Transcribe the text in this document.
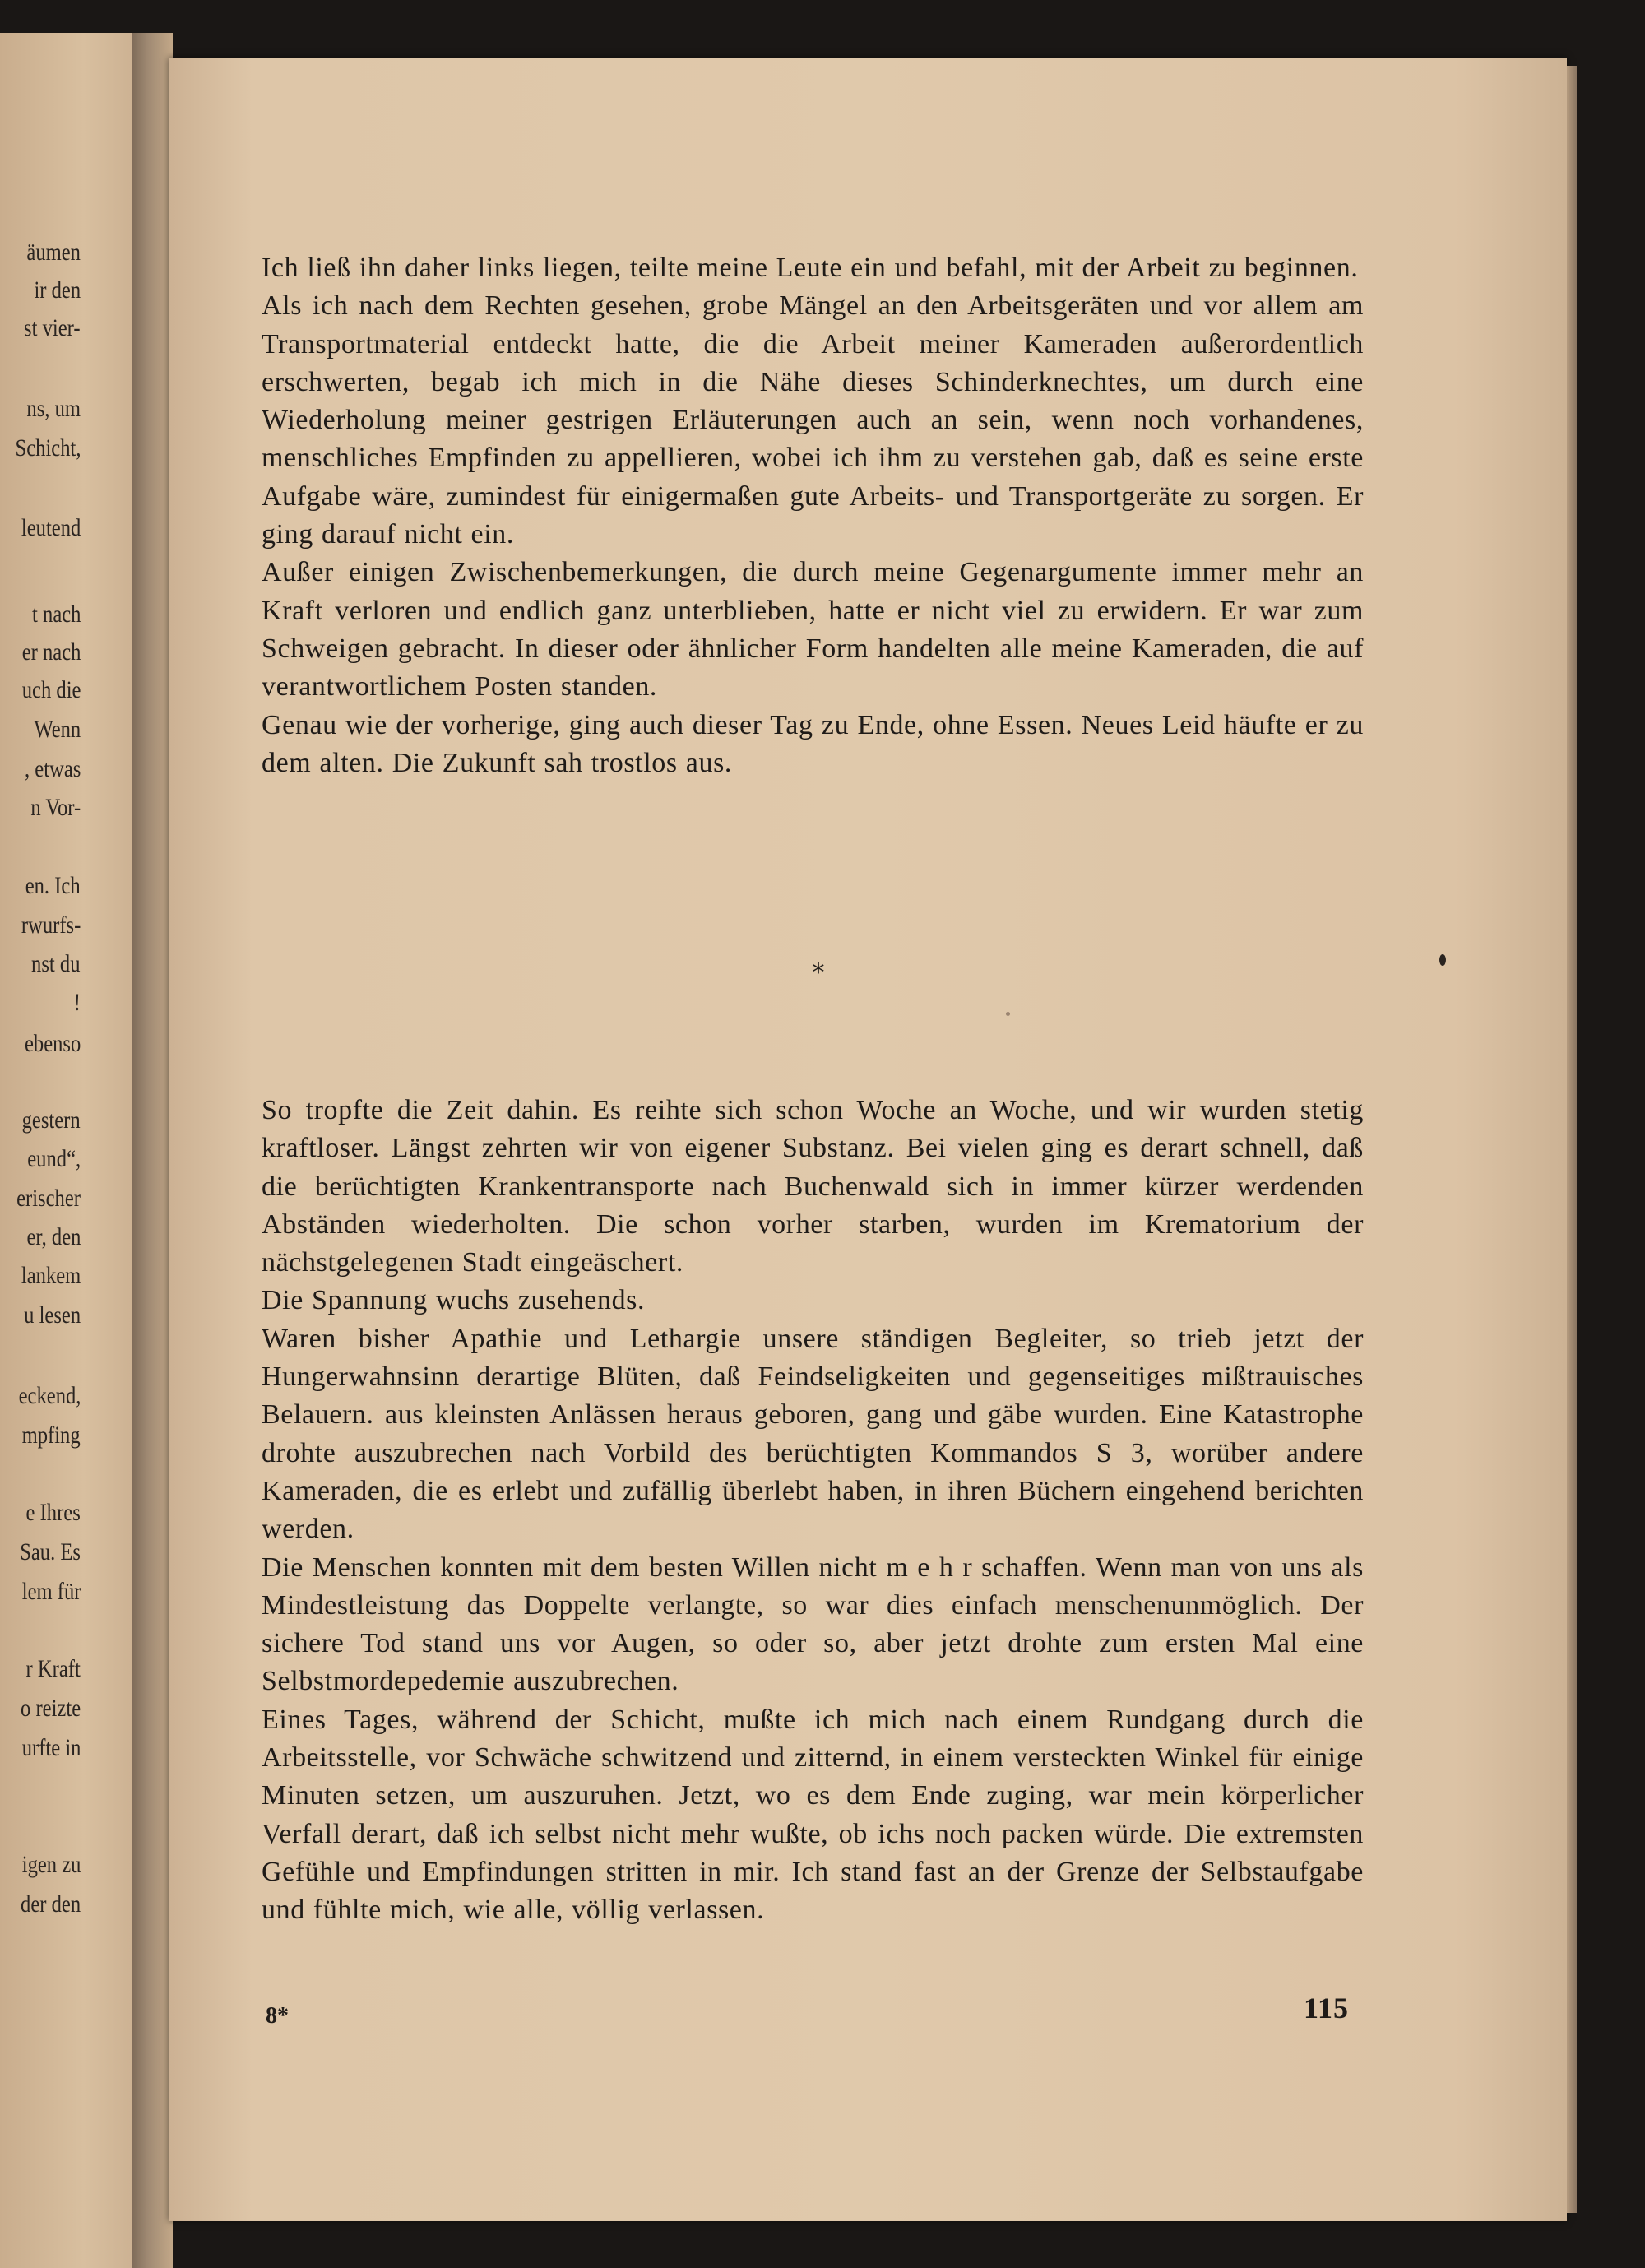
äumen
ir den
st vier-
ns, um
Schicht,
leutend
t nach
er nach
uch die
Wenn
, etwas
n Vor-
en. Ich
rwurfs-
nst du
!
ebenso
gestern
eund“,
erischer
er, den
lankem
u lesen
eckend,
mpfing
e Ihres
Sau. Es
lem für
r Kraft
o reizte
urfte in
igen zu
der den

Ich ließ ihn daher links liegen, teilte meine Leute ein und befahl, mit der Arbeit zu beginnen.

Als ich nach dem Rechten gesehen, grobe Mängel an den Arbeitsgeräten und vor allem am Transportmaterial entdeckt hatte, die die Arbeit meiner Kameraden außerordentlich erschwerten, begab ich mich in die Nähe dieses Schinderknechtes, um durch eine Wiederholung meiner gestrigen Erläuterungen auch an sein, wenn noch vorhandenes, menschliches Empfinden zu appellieren, wobei ich ihm zu verstehen gab, daß es seine erste Aufgabe wäre, zumindest für einigermaßen gute Arbeits- und Transportgeräte zu sorgen. Er ging darauf nicht ein.

Außer einigen Zwischenbemerkungen, die durch meine Gegenargumente immer mehr an Kraft verloren und endlich ganz unterblieben, hatte er nicht viel zu erwidern. Er war zum Schweigen gebracht. In dieser oder ähnlicher Form handelten alle meine Kameraden, die auf verantwortlichem Posten standen.

Genau wie der vorherige, ging auch dieser Tag zu Ende, ohne Essen. Neues Leid häufte er zu dem alten. Die Zukunft sah trostlos aus.

*

So tropfte die Zeit dahin. Es reihte sich schon Woche an Woche, und wir wurden stetig kraftloser. Längst zehrten wir von eigener Substanz. Bei vielen ging es derart schnell, daß die berüchtigten Krankentransporte nach Buchenwald sich in immer kürzer werdenden Abständen wiederholten. Die schon vorher starben, wurden im Krematorium der nächstgelegenen Stadt eingeäschert.

Die Spannung wuchs zusehends.

Waren bisher Apathie und Lethargie unsere ständigen Begleiter, so trieb jetzt der Hungerwahnsinn derartige Blüten, daß Feindseligkeiten und gegenseitiges mißtrauisches Belauern. aus kleinsten Anlässen heraus geboren, gang und gäbe wurden. Eine Katastrophe drohte auszubrechen nach Vorbild des berüchtigten Kommandos S 3, worüber andere Kameraden, die es erlebt und zufällig überlebt haben, in ihren Büchern eingehend berichten werden.

Die Menschen konnten mit dem besten Willen nicht m e h r schaffen. Wenn man von uns als Mindestleistung das Doppelte verlangte, so war dies einfach menschenunmöglich. Der sichere Tod stand uns vor Augen, so oder so, aber jetzt drohte zum ersten Mal eine Selbstmordepedemie auszubrechen.

Eines Tages, während der Schicht, mußte ich mich nach einem Rundgang durch die Arbeitsstelle, vor Schwäche schwitzend und zitternd, in einem versteckten Winkel für einige Minuten setzen, um auszuruhen. Jetzt, wo es dem Ende zuging, war mein körperlicher Verfall derart, daß ich selbst nicht mehr wußte, ob ichs noch packen würde. Die extremsten Gefühle und Empfindungen stritten in mir. Ich stand fast an der Grenze der Selbstaufgabe und fühlte mich, wie alle, völlig verlassen.

8*	115
